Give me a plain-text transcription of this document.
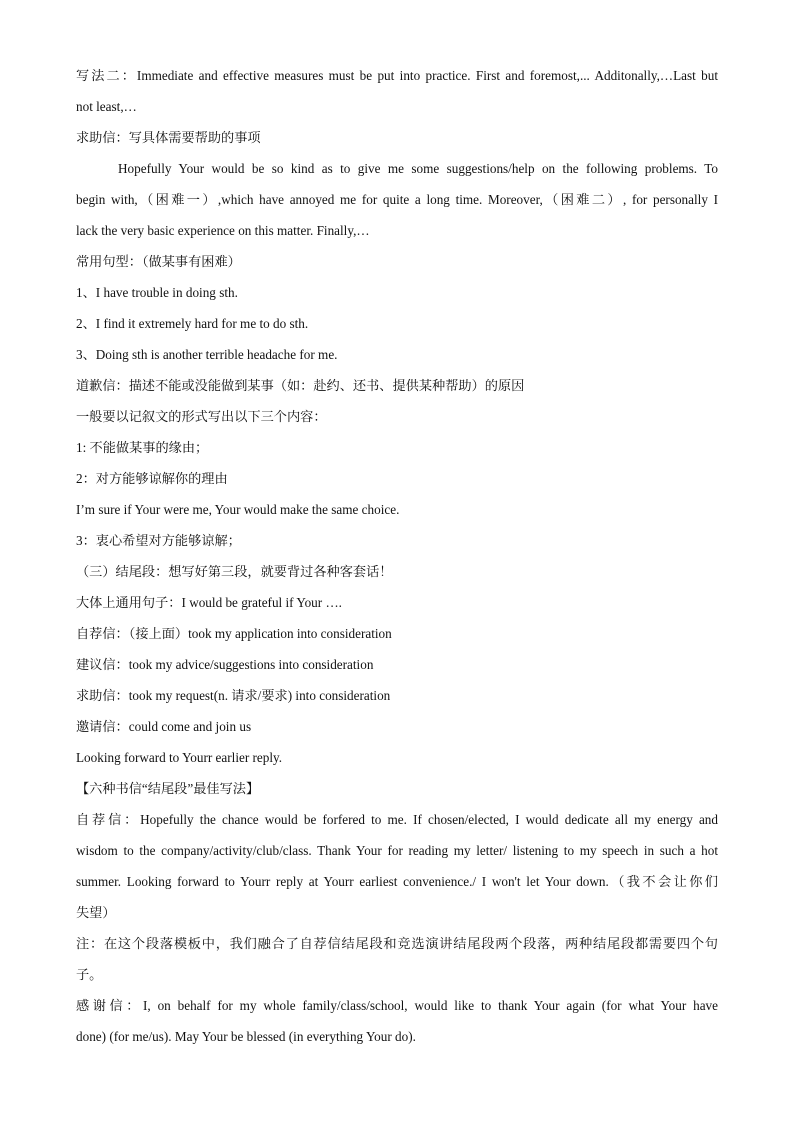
写法二：Immediate and effective measures must be put into practice. First and foremost,... Additonally,…Last but
not least,…
求助信：写具体需要帮助的事项
Hopefully Your would be so kind as to give me some suggestions/help on the following problems. To
begin with,（困难一）,which have annoyed me for quite a long time. Moreover,（困难二）, for personally I
lack the very basic experience on this matter. Finally,…
常用句型：（做某事有困难）
1、I have trouble in doing sth.
2、I find it extremely hard for me to do sth.
3、Doing sth is another terrible headache for me.
道歉信：描述不能或没能做到某事（如：赴约、还书、提供某种帮助）的原因
一般要以记叙文的形式写出以下三个内容：
1: 不能做某事的缘由；
2：对方能够谅解你的理由
I’m sure if Your were me, Your would make the same choice.
3：衷心希望对方能够谅解；
（三）结尾段：想写好第三段，就要背过各种客套话！
大体上通用句子：I would be grateful if Your ….
自荐信：（接上面）took my application into consideration
建议信：took my advice/suggestions into consideration
求助信：took my request(n. 请求/要求) into consideration
邀请信：could come and join us
Looking forward to Yourr earlier reply.
【六种书信“结尾段”最佳写法】
自荐信：Hopefully the chance would be forfered to me. If chosen/elected, I would dedicate all my energy and
wisdom to the company/activity/club/class. Thank Your for reading my letter/ listening to my speech in such a hot
summer. Looking forward to Yourr reply at Yourr earliest convenience./ I won't let Your down.（我不会让你们
失望）
注：在这个段落模板中，我们融合了自荐信结尾段和竞选演讲结尾段两个段落，两种结尾段都需要四个句
子。
感谢信：I, on behalf for my whole family/class/school, would like to thank Your again (for what Your have
done) (for me/us). May Your be blessed (in everything Your do).
